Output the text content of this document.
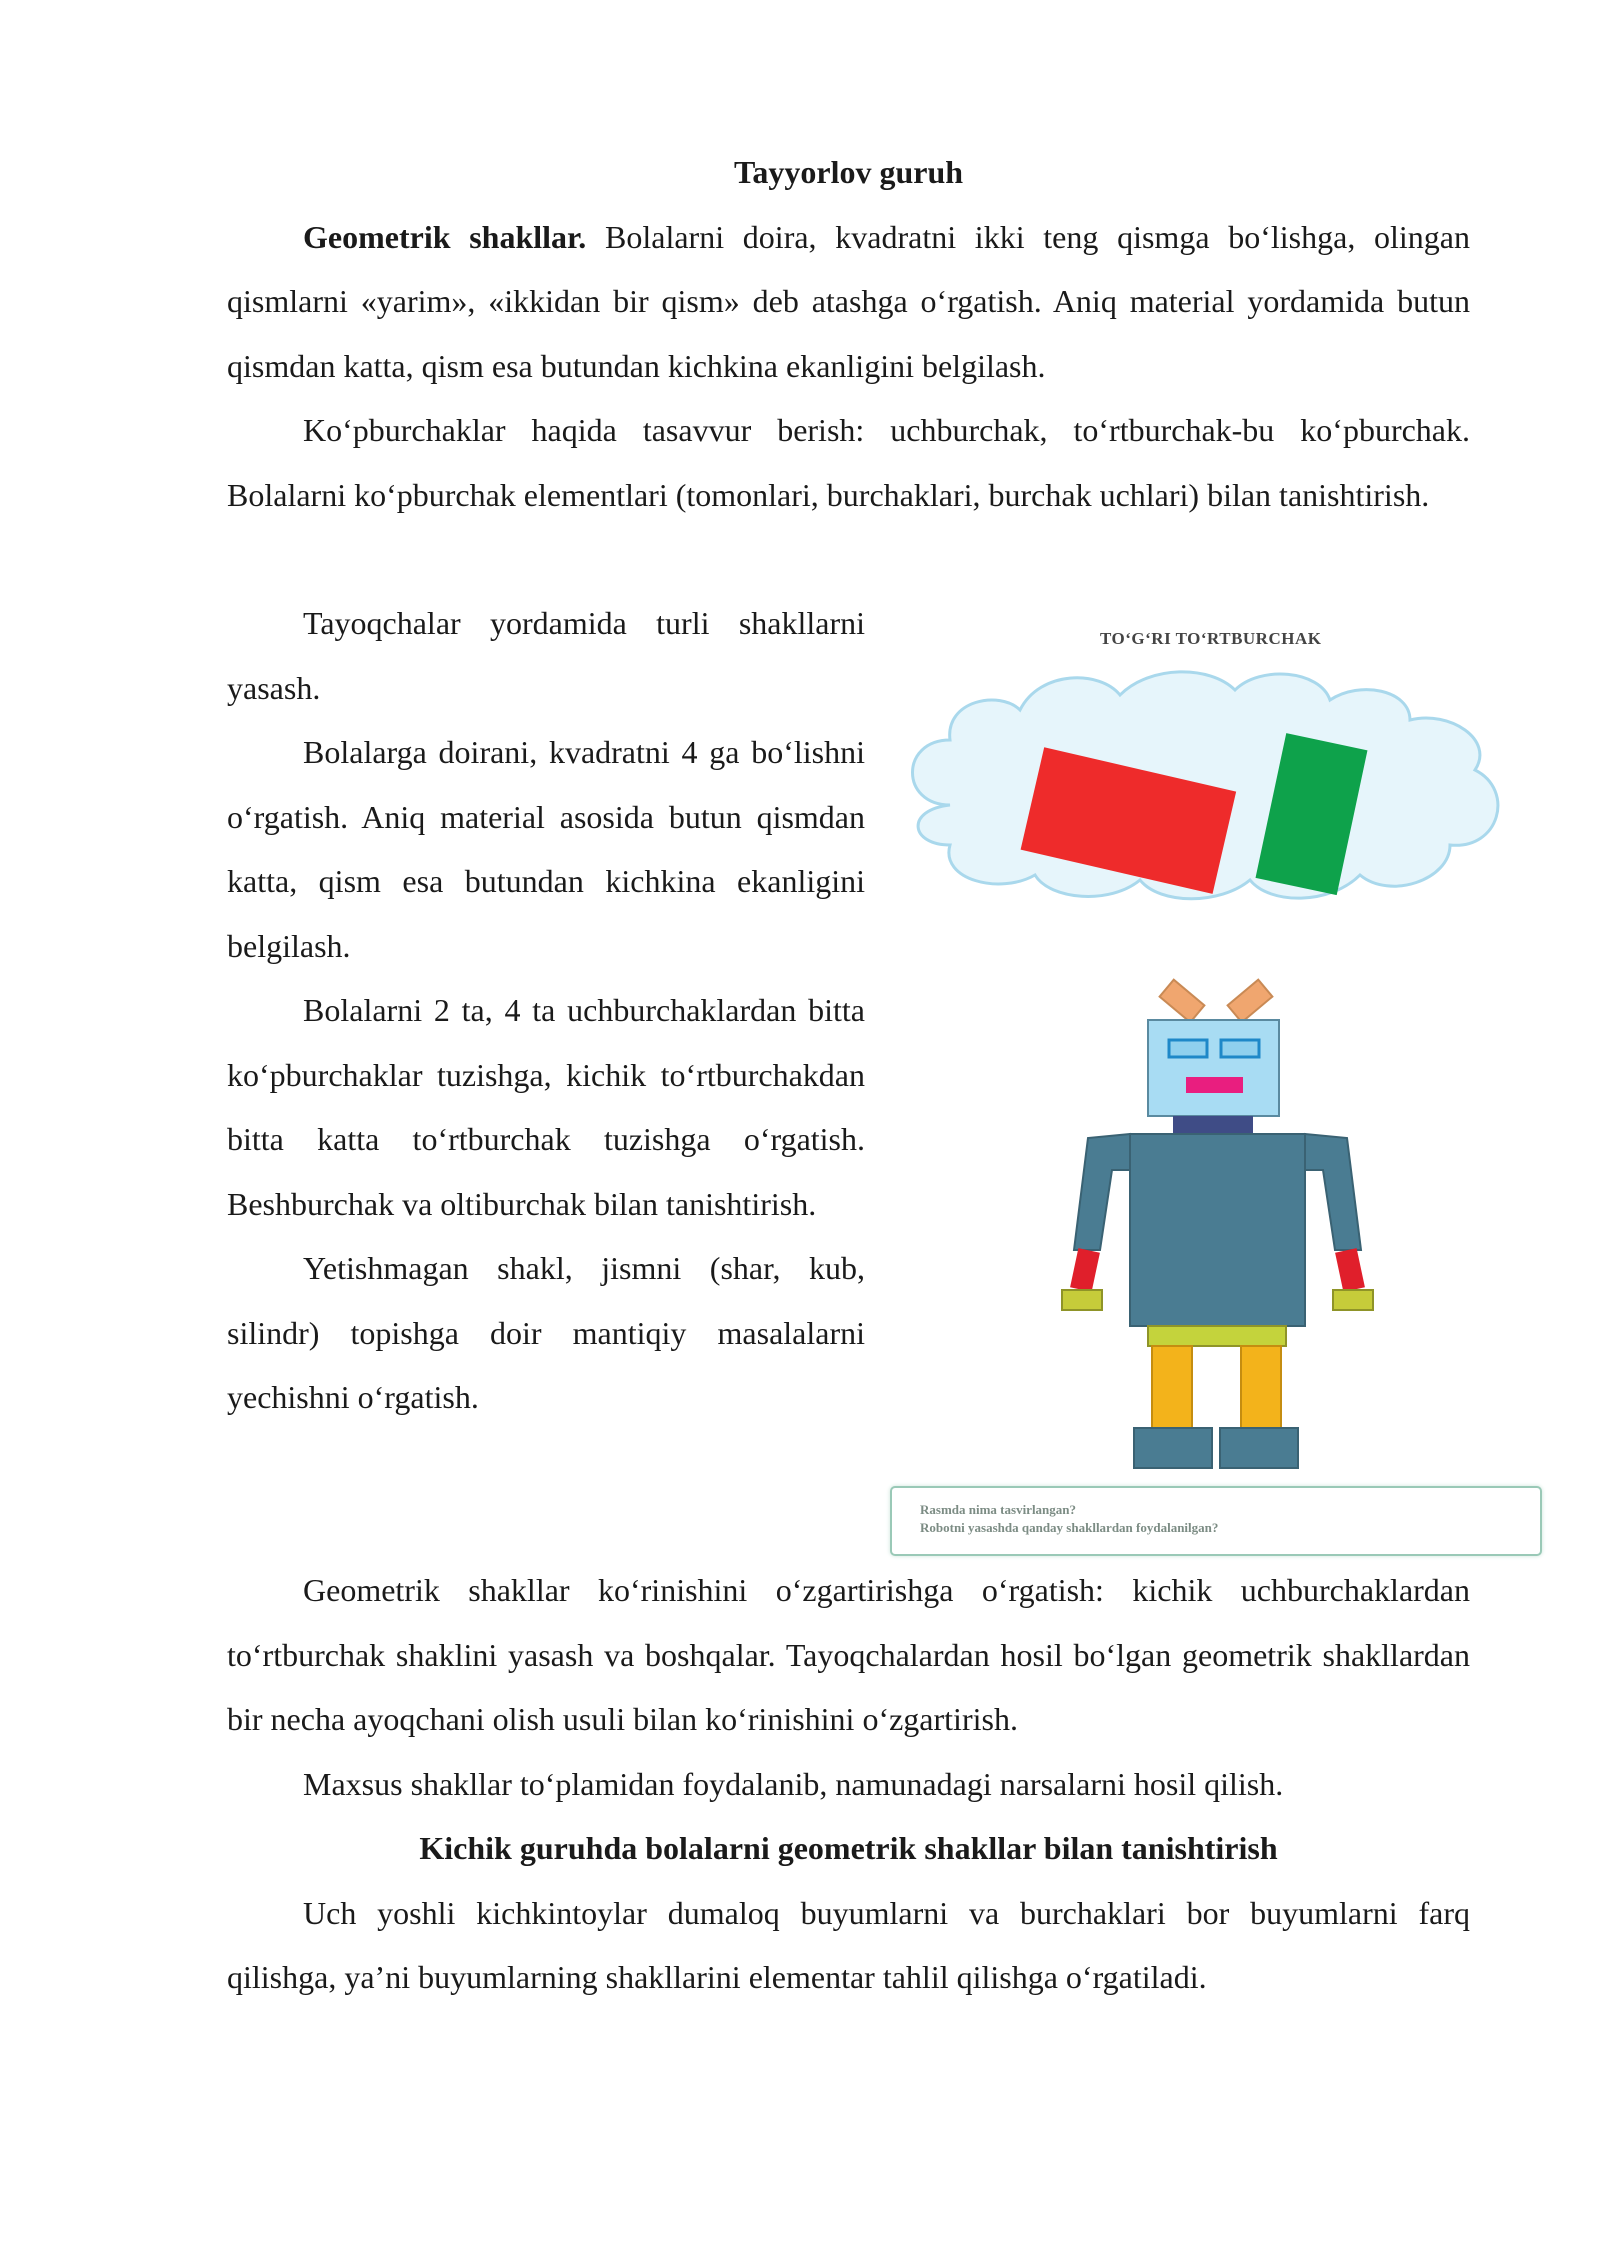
Tayyorlov guruh

Geometrik shakllar. Bolalarni doira, kvadratni ikki teng qismga bo‘lishga, olingan qismlarni «yarim», «ikkidan bir qism» deb atashga o‘rgatish. Aniq material yordamida butun qismdan katta, qism esa butundan kichkina ekanligini belgilash.

Ko‘pburchaklar haqida tasavvur berish: uchburchak, to‘rtburchak-bu ko‘pburchak. Bolalarni ko‘pburchak elementlari (tomonlari, burchaklari, burchak uchlari) bilan tanishtirish.

Tayoqchalar yordamida turli shakllarni yasash.

Bolalarga doirani, kvadratni 4 ga bo‘lishni o‘rgatish. Aniq material asosida butun qismdan katta, qism esa butundan kichkina ekanligini belgilash.

Bolalarni 2 ta, 4 ta uchburchaklardan bitta ko‘pburchaklar tuzishga, kichik to‘rtburchakdan bitta katta to‘rtburchak tuzishga o‘rgatish. Beshburchak va oltiburchak bilan tanishtirish.

Yetishmagan shakl, jismni (shar, kub, silindr) topishga doir mantiqiy masalalarni yechishni o‘rgatish.

Geometrik shakllar ko‘rinishini o‘zgartirishga o‘rgatish: kichik uchburchaklardan to‘rtburchak shaklini yasash va boshqalar. Tayoqchalardan hosil bo‘lgan geometrik shakllardan bir necha ayoqchani olish usuli bilan ko‘rinishini o‘zgartirish.

Maxsus shakllar to‘plamidan foydalanib, namunadagi narsalarni hosil qilish.

Kichik guruhda bolalarni geometrik shakllar bilan tanishtirish

Uch yoshli kichkintoylar dumaloq buyumlarni va burchaklari bor buyumlarni farq qilishga, ya’ni buyumlarning shakllarini elementar tahlil qilishga o‘rgatiladi.

TO‘G‘RI TO‘RTBURCHAK
Rasmda nima tasvirlangan?
Robotni yasashda qanday shakllardan foydalanilgan?
